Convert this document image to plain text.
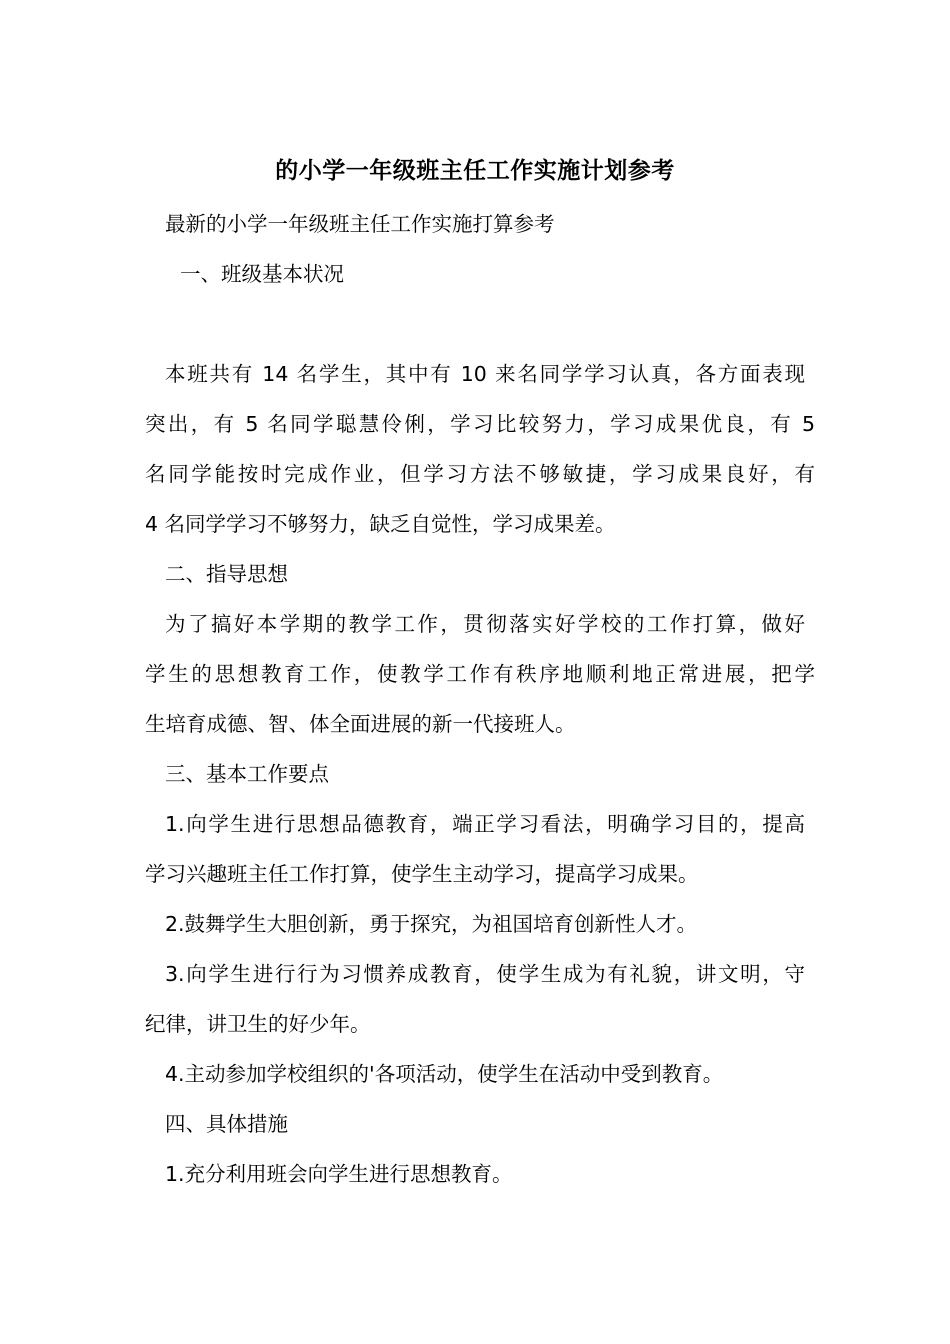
的小学一年级班主任工作实施计划参考
最新的小学一年级班主任工作实施打算参考
一、班级基本状况
本班共有 14 名学生，其中有 10 来名同学学习认真，各方面表现
突出，有 5 名同学聪慧伶俐，学习比较努力，学习成果优良，有 5
名同学能按时完成作业，但学习方法不够敏捷，学习成果良好，有
4 名同学学习不够努力，缺乏自觉性，学习成果差。
二、指导思想
为了搞好本学期的教学工作，贯彻落实好学校的工作打算，做好
学生的思想教育工作，使教学工作有秩序地顺利地正常进展，把学
生培育成德、智、体全面进展的新一代接班人。
三、基本工作要点
1.向学生进行思想品德教育，端正学习看法，明确学习目的，提高
学习兴趣班主任工作打算，使学生主动学习，提高学习成果。
2.鼓舞学生大胆创新，勇于探究，为祖国培育创新性人才。
3.向学生进行行为习惯养成教育，使学生成为有礼貌，讲文明，守
纪律，讲卫生的好少年。
4.主动参加学校组织的'各项活动，使学生在活动中受到教育。
四、具体措施
1.充分利用班会向学生进行思想教育。
